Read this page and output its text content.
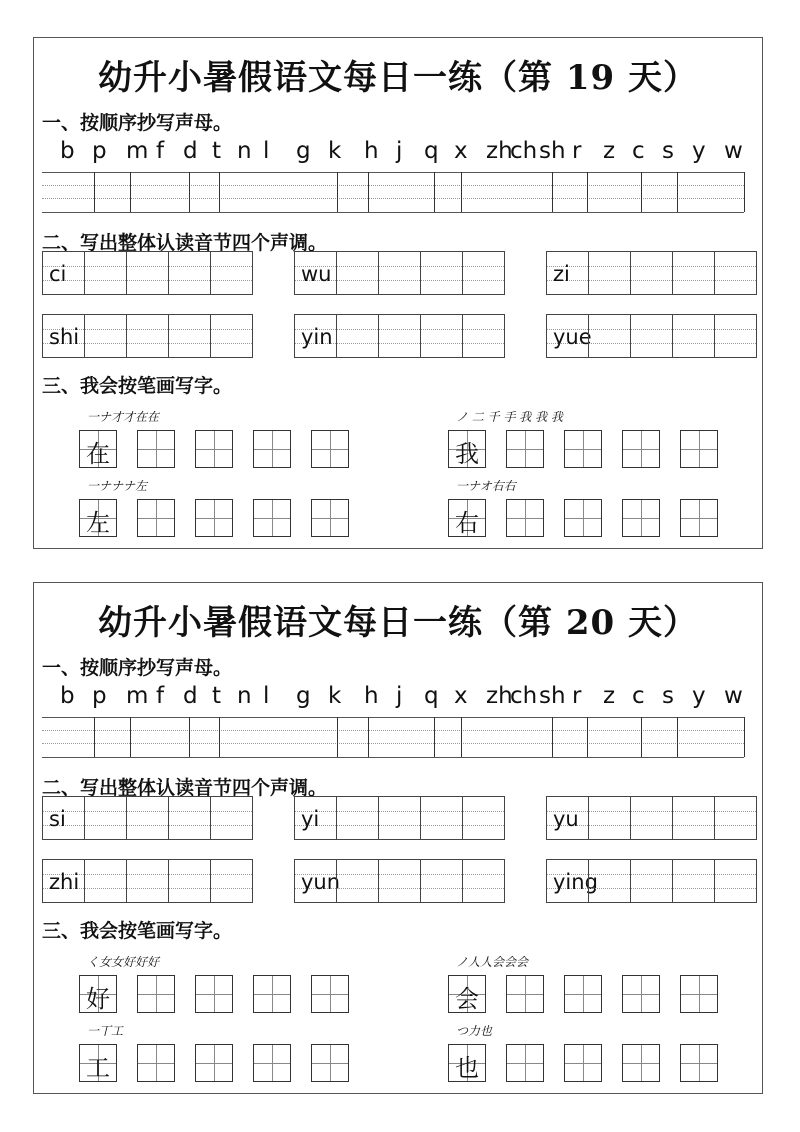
幼升小暑假语文每日一练（第 19 天）
一、按顺序抄写声母。
b p m f d t n l g k h j q x zh
ch sh r z c s y w
二、写出整体认读音节四个声调。
ci	wu	zi
shi	yin	yue
三、我会按笔画写字。
一ナ才才在在
在
ノ 二 千 手 我 我 我
我
一ナナナ左
左
一ナオ右右
右
幼升小暑假语文每日一练（第 20 天）
一、按顺序抄写声母。
b p m f d t n l g k h j q x zh
ch sh r z c s y w
二、写出整体认读音节四个声调。
si	yi	yu
zhi	yun	ying
三、我会按笔画写字。
く女女好好好
好
ノ人人会会会
会
一丅工
工
つ力也
也
